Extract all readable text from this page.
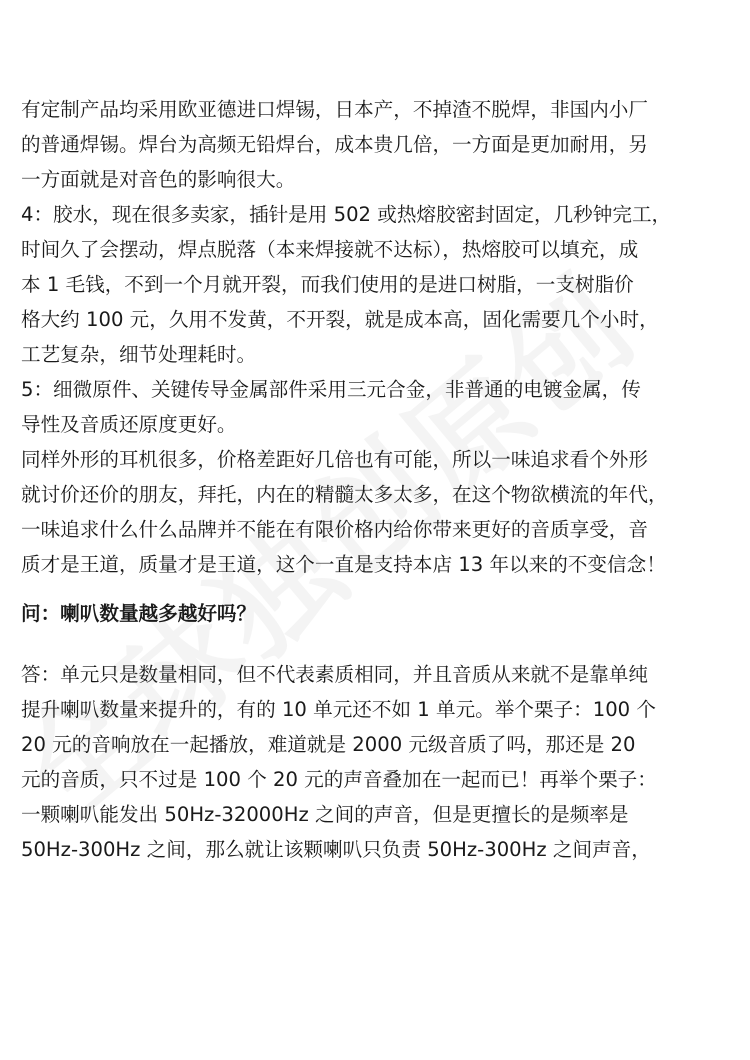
有定制产品均采用欧亚德进口焊锡，日本产，不掉渣不脱焊，非国内小厂
的普通焊锡。焊台为高频无铅焊台，成本贵几倍，一方面是更加耐用，另
一方面就是对音色的影响很大。

4：胶水，现在很多卖家，插针是用 502 或热熔胶密封固定，几秒钟完工，
时间久了会摆动，焊点脱落（本来焊接就不达标），热熔胶可以填充，成
本 1 毛钱，不到一个月就开裂，而我们使用的是进口树脂，一支树脂价
格大约 100 元，久用不发黄，不开裂，就是成本高，固化需要几个小时，
工艺复杂，细节处理耗时。

5：细微原件、关键传导金属部件采用三元合金，非普通的电镀金属，传
导性及音质还原度更好。

同样外形的耳机很多，价格差距好几倍也有可能，所以一味追求看个外形
就讨价还价的朋友，拜托，内在的精髓太多太多，在这个物欲横流的年代，
一味追求什么什么品牌并不能在有限价格内给你带来更好的音质享受，音
质才是王道，质量才是王道，这个一直是支持本店 13 年以来的不变信念！

问：喇叭数量越多越好吗？

答：单元只是数量相同，但不代表素质相同，并且音质从来就不是靠单纯
提升喇叭数量来提升的，有的 10 单元还不如 1 单元。举个栗子：100 个
20 元的音响放在一起播放，难道就是 2000 元级音质了吗，那还是 20
元的音质，只不过是 100 个 20 元的声音叠加在一起而已！再举个栗子：
一颗喇叭能发出 50Hz-32000Hz 之间的声音，但是更擅长的是频率是
50Hz-300Hz 之间，那么就让该颗喇叭只负责 50Hz-300Hz 之间声音，
